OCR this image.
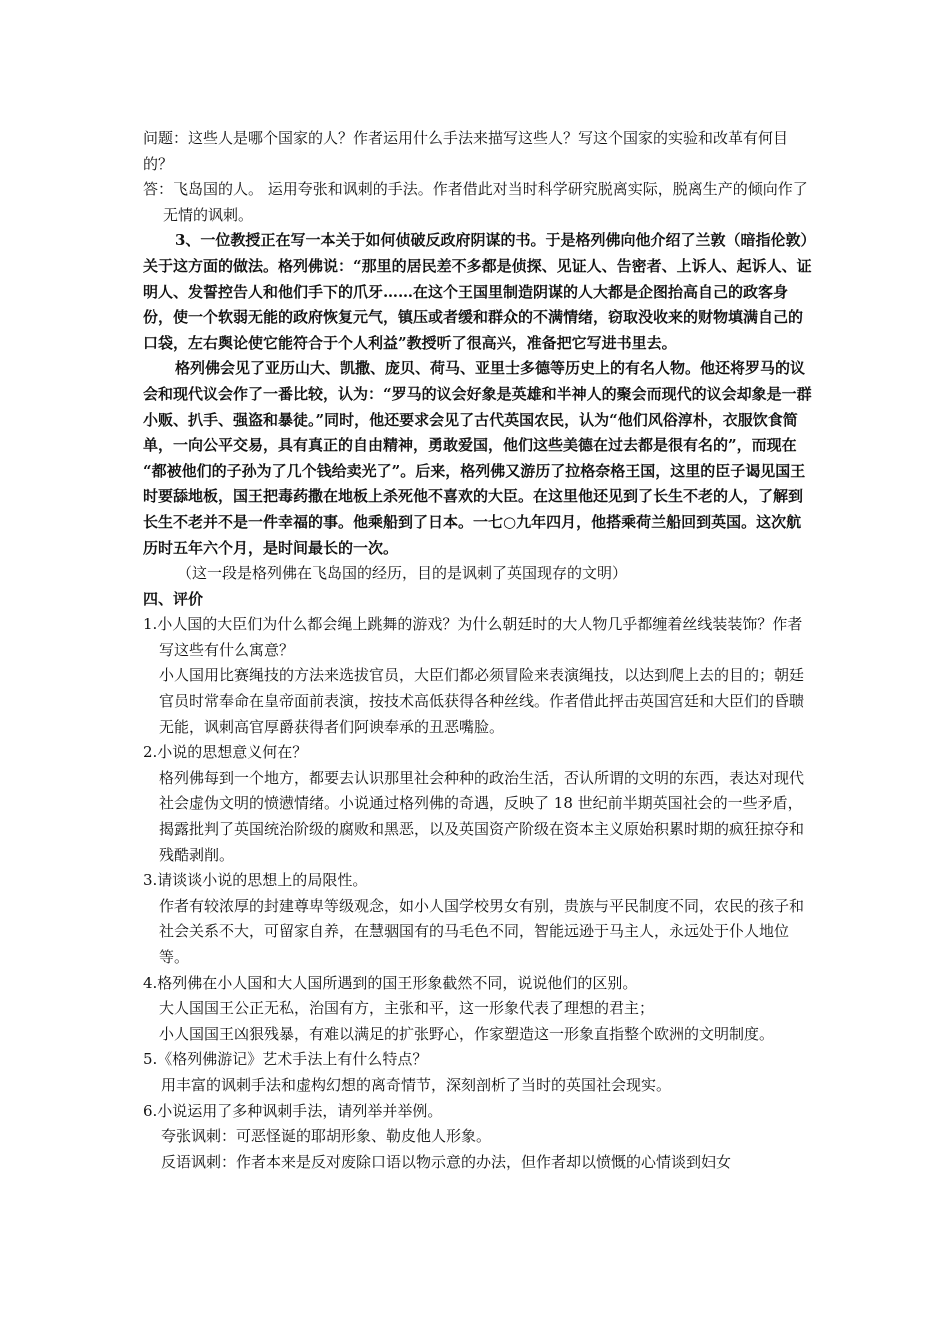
问题：这些人是哪个国家的人？作者运用什么手法来描写这些人？写这个国家的实验和改革有何目的？

答：飞岛国的人。 运用夸张和讽刺的手法。作者借此对当时科学研究脱离实际，脱离生产的倾向作了无情的讽刺。

3、一位教授正在写一本关于如何侦破反政府阴谋的书。于是格列佛向他介绍了兰敦（暗指伦敦）关于这方面的做法。格列佛说：“那里的居民差不多都是侦探、见证人、告密者、上诉人、起诉人、证明人、发誓控告人和他们手下的爪牙……在这个王国里制造阴谋的人大都是企图抬高自己的政客身份，使一个软弱无能的政府恢复元气，镇压或者缓和群众的不满情绪，窃取没收来的财物填满自己的口袋，左右舆论使它能符合于个人利益”教授听了很高兴，准备把它写进书里去。

格列佛会见了亚历山大、凯撒、庞贝、荷马、亚里士多德等历史上的有名人物。他还将罗马的议会和现代议会作了一番比较，认为：“罗马的议会好象是英雄和半神人的聚会而现代的议会却象是一群小贩、扒手、强盗和暴徒。”同时，他还要求会见了古代英国农民，认为“他们风俗淳朴，衣服饮食简单，一向公平交易，具有真正的自由精神，勇敢爱国，他们这些美德在过去都是很有名的”，而现在 “都被他们的子孙为了几个钱给卖光了”。后来，格列佛又游历了拉格奈格王国，这里的臣子谒见国王时要舔地板，国王把毒药撒在地板上杀死他不喜欢的大臣。在这里他还见到了长生不老的人，了解到长生不老并不是一件幸福的事。他乘船到了日本。一七○九年四月，他搭乘荷兰船回到英国。这次航历时五年六个月，是时间最长的一次。

（这一段是格列佛在飞岛国的经历，目的是讽刺了英国现存的文明）

四、评价

1.小人国的大臣们为什么都会绳上跳舞的游戏？为什么朝廷时的大人物几乎都缠着丝线装装饰？作者写这些有什么寓意？

小人国用比赛绳技的方法来选拔官员，大臣们都必须冒险来表演绳技，以达到爬上去的目的；朝廷官员时常奉命在皇帝面前表演，按技术高低获得各种丝线。作者借此抨击英国宫廷和大臣们的昏聩无能，讽刺高官厚爵获得者们阿谀奉承的丑恶嘴脸。

2.小说的思想意义何在？

格列佛每到一个地方，都要去认识那里社会种种的政治生活，否认所谓的文明的东西，表达对现代社会虚伪文明的愤懑情绪。小说通过格列佛的奇遇，反映了 18 世纪前半期英国社会的一些矛盾，揭露批判了英国统治阶级的腐败和黑恶，以及英国资产阶级在资本主义原始积累时期的疯狂掠夺和残酷剥削。

3.请谈谈小说的思想上的局限性。

作者有较浓厚的封建尊卑等级观念，如小人国学校男女有别，贵族与平民制度不同，农民的孩子和社会关系不大，可留家自养，在慧骃国有的马毛色不同，智能远逊于马主人，永远处于仆人地位等。

4.格列佛在小人国和大人国所遇到的国王形象截然不同，说说他们的区别。

大人国国王公正无私，治国有方，主张和平，这一形象代表了理想的君主；

小人国国王凶狠残暴，有难以满足的扩张野心，作家塑造这一形象直指整个欧洲的文明制度。

5.《格列佛游记》艺术手法上有什么特点？

用丰富的讽刺手法和虚构幻想的离奇情节，深刻剖析了当时的英国社会现实。

6.小说运用了多种讽刺手法，请列举并举例。

夸张讽刺：可恶怪诞的耶胡形象、勒皮他人形象。

反语讽刺：作者本来是反对废除口语以物示意的办法，但作者却以愤慨的心情谈到妇女
